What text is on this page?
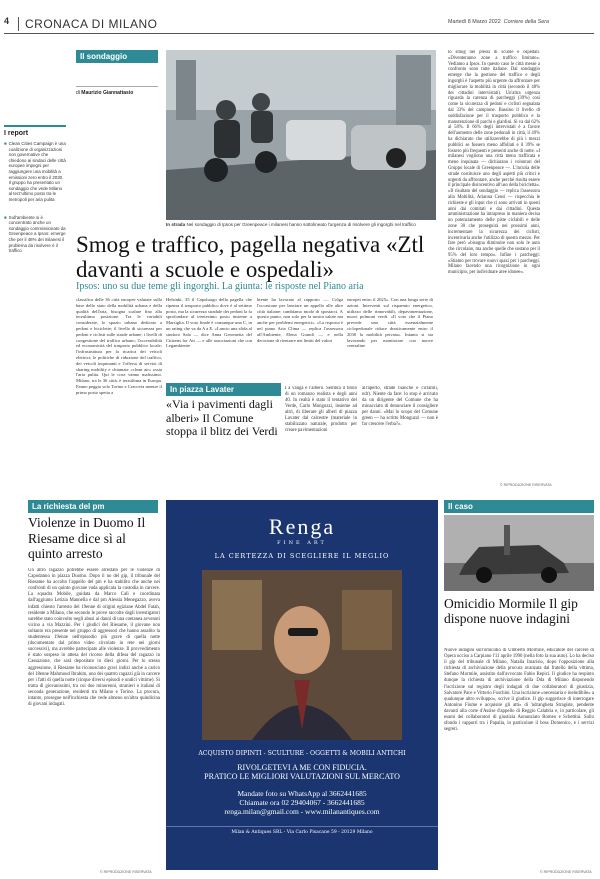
4	CRONACA DI MILANO	Martedì 8 Marzo 2022 Corriere della Sera
I report
■ Clean Cities Campaign è una coalizione di organizzazioni non governative che chiedono ai sindaci delle città europee impegni per raggiungere una mobilità a emissioni zero entro il 2030. Il gruppo ha presentato un sondaggio che vede Milano al terz'ultimo posto tra le metropoli per aria pulita
■ Sull'ambiente si è concentrato anche un sondaggio commissionato da Greenpeace a Ipsos: emerge che per il 48% dei milanesi il problema da risolvere è il traffico
Il sondaggio
di Maurizio Giannattasio
In strada Nel sondaggio di Ipsos per Greenpeace i milanesi hanno sottolineato l'urgenza di risolvere gli ingorghi nel traffico
Smog e traffico, pagella negativa «Ztl davanti a scuole e ospedali»
Ipsos: uno su due teme gli ingorghi. La giunta: le risposte nel Piano aria
classifica delle 36 città europee valutate sulla base dello stato della mobilità urbana e della qualità dell'aria, bisogna scalare fino alla terzultima posizione. Tra le variabili considerate, lo spazio urbano dedicato a pedoni e biciclette; il livello di sicurezza per pedoni e ciclisti sulle strade urbane; i livelli di congestione del traffico urbano; l'accessibilità ed economicità del trasporto pubblico locale; l'infrastruttura per la ricarica dei veicoli elettrici; le politiche di riduzione del traffico, dei veicoli inquinanti e l'offerta di servizi di sharing mobility e chiamate «clean air» ossia l'aria pulita. Qui le cose vanno malissimo. Milano, tra le 36 città, è terzultima in Europa. Fanno peggio solo Torino e Cracovia mentre il primo posto spetta a
Helsinki, 35 il Capoluogo della pagella che ripensa il trasporto pubblico dove è al settimo posto, ma la sicurezza stradale dei pedoni la fa sprofondare al trentesimo posto insieme a Marsiglia. Il voto finale è comunque una C, in un rating che va da A a E. «Lancio una sfida al sindaco Sala — dice Anna Gerometta del Citizens for Air — e alle associazioni che con Legambiente
biente ha lavorato al rapporto —. Colga l'occasione per lanciare un appello alle altre città italiane: cambiamo modo di spostarci. A questo punto, non solo per la nostra salute ma anche per problemi energetici». «La risposta è nel piano Aria Clima — replica l'assessora all'Ambiente, Elena Grandi — e nella decisione di rientrare nei limiti del valori
europei entro il 2025». Con una lunga serie di azioni. Interventi sul risparmio energetico, utilizzo delle rinnovabili, depavimentazione, nuovi polmoni verdi. «Il voto che il Piano prevede una città essenzialmente ciclopedonale riduce drasticamente entro il 2030 la mobilità privata». Intanto si sta lavorando per monitorare con nuove centraline
lo smog nei pressi di scuole e ospedali. «Diventeranno zone a traffico limitato». Vediamo a Ipsos. In questo caso le città messe a confronto sono tutte italiane. Dal sondaggio emerge che la gestione del traffico e degli ingorghi è l'aspetto più urgente da affrontare per migliorare la mobilità in città (secondo il 48% dei cittadini intervistati). Un'altra urgenza riguarda la carenza di parcheggi (39%) così come la sicurezza di pedoni e ciclisti segnalata dal 33% del campione. Bassino il livello di soddisfazione per il trasporto pubblico e la manutenzione di parchi e giardini. Si va dal 62% al 58%. Il 66% degli intervistati è a favore dell'aumento delle zone pedonali in città, il 49% ha dichiarato che utilizzerebbe di più i mezzi pubblici se fossero meno affollati e il 39% se fossero più frequenti e presenti anche di notte. «I milanesi vogliono una città meno trafficata e meno inquinata — dichiarano i volontari del Gruppo locale di Greenpeace —. L'incuria delle strade costituisce uno degli aspetti più critici e urgenti da affrontare, anche perché risulta essere il principale disincentivo all'uso della bicicletta». «Il risultato del sondaggio — replica l'assessora alla Mobilità, Arianna Censi — rispecchia le richieste e gli input che ci sono arrivati in questi anni dai comitati e dai cittadini. Questa amministrazione ha intrapreso in maniera decisa un potenziamento delle piste ciclabili e delle zone 30 che proseguirà nei prossimi anni, incrementare la sicurezza dei ciclisti, incentivarla anche l'utilizzo di questo mezzo. Per fare però «bisogna diminuire non solo le auto che circolano, ma anche quelle che sostano per il 95% del loro tempo». Infine i parcheggi: «Stiamo per trovare nuovi spazi per i parcheggi. Milano facendo una ricognizione in ogni municipio, per individuare aree idonee».
© RIPRODUZIONE RISERVATA
In piazza Lavater
«Via i pavimenti dagli alberi» Il Comune stoppa il blitz dei Verdi
I a vanga e l'albero. Sembra il titolo di un romanzo realista e degli anni 40. In realtà è stato il tentativo del Verde, Carlo Monguzzi, insieme ad altri, di liberare gli alberi di piazza Lavater dal calcestre (materiale in stabilizzato naturale, prodotto per creare pavimentazioni
all'aperto, strade bianche e ciclabili, ndr). Niente da fare: lo stop è arrivato da un dirigente del Comune che ha minacciato di denunciare il consigliere per danni. «Mai lo scopo del Comune green — ha scritto Monguzzi — non è far crescere l'erba?».
La richiesta del pm
Violenze in Duomo Il Riesame dice sì al quinto arresto
Un altro ragazzo potrebbe essere arrestato per le violenze di Capodanno in piazza Duomo. Dopo il no del gip, il tribunale del Riesame ha accolto l'appello del pm e ha stabilito che anche nei confronti di un quinto giovane vada applicata la custodia in carcere. La squadra Mobile, guidata da Marco Calì e coordinata dall'aggiunto Letizia Mannella e dal pm Alessia Menegazzo, aveva infatti chiesto l'arresto del 19enne di origini egiziane Abdel Fatah, residente a Milano, che secondo le prove raccolte dagli investigatori sarebbe stato coinvolto negli abusi ai danni di una coetanea avvenuti vicino a via Mazzini. Per i giudici del Riesame, il giovane non soltanto era presente nel gruppo di aggressori che hanno assalito la studentessa 19enne nell'episodio più grave di quella notte (documentato dal primo video circolato in rete nei giorni successivi), ma avrebbe partecipato alle violenze. Il provvedimento è stato sospeso in attesa del ricorso della difesa del ragazzo in Cassazione, che sarà depositato in dieci giorni. Per lo stesso aggressione, il Riesame ha riconosciuto gravi indizi anche a carico del 18enne Mahmoud Ibrahim, uno dei quattro ragazzi già in carcere per i fatti di quella notte (cinque diversi episodi e undici vittime). Si tratta di giovanissimi, tra cui due minorenni, stranieri o italiani di seconda generazione, residenti tra Milano e Torino. La procura, intanto, prosegue nell'inchiesta che vede almeno un'altra quindicina di giovani indagati.
© RIPRODUZIONE RISERVATA
Renga
FINE ART
LA CERTEZZA DI SCEGLIERE IL MEGLIO
ACQUISTO DIPINTI - SCULTURE - OGGETTI & MOBILI ANTICHI
RIVOLGETEVI A ME CON FIDUCIA.
PRATICO LE MIGLIORI VALUTAZIONI SUL MERCATO
Mandate foto su WhatsApp al 3662441685
Chiamate ora 02 29404067 - 3662441685
renga.milan@gmail.com - www.milanantiques.com
Milan & Antiques SRL - Via Carlo Pisacane 59 - 20129 Milano
Il caso
Omicidio Mormile Il gip dispone nuove indagini
Nuove indagini sull'omicidio di Umberto Mormile, educatore del carcere di Opera ucciso a Carpiano l'11 aprile 1990 (nella foto la sua auto). Lo ha deciso il gip del tribunale di Milano, Natalia Imarisio, dopo l'opposizione alla richiesta di archiviazione della procura avanzata dal fratello della vittima, Stefano Mormile, assistito dall'avvocato Fabio Repici. Il giudice ha respinto dunque la richiesta di archiviazione della Dda di Milano disponendo l'iscrizione sul registro degli indagati di due collaboratori di giustizia, Salvatore Pace e Vittorio Foschini. Una iscrizione «necessaria e ineludibile» a qualunque altro sviluppo», scrive il giudice. Il gip suggerisce di interrogare Antonino Fiume e acquisire gli atti» di 'ndrangheta Stragiste, pendente davanti alla corte d'Assise d'appello di Reggio Calabria e, in particolare, gli esami dei collaboratori di giustizia Annunziato Romeo e Schettini. Sullo sfondo i rapporti tra i Papalia, in particolare il boss Domenico, e i servizi segreti.
© RIPRODUZIONE RISERVATA
